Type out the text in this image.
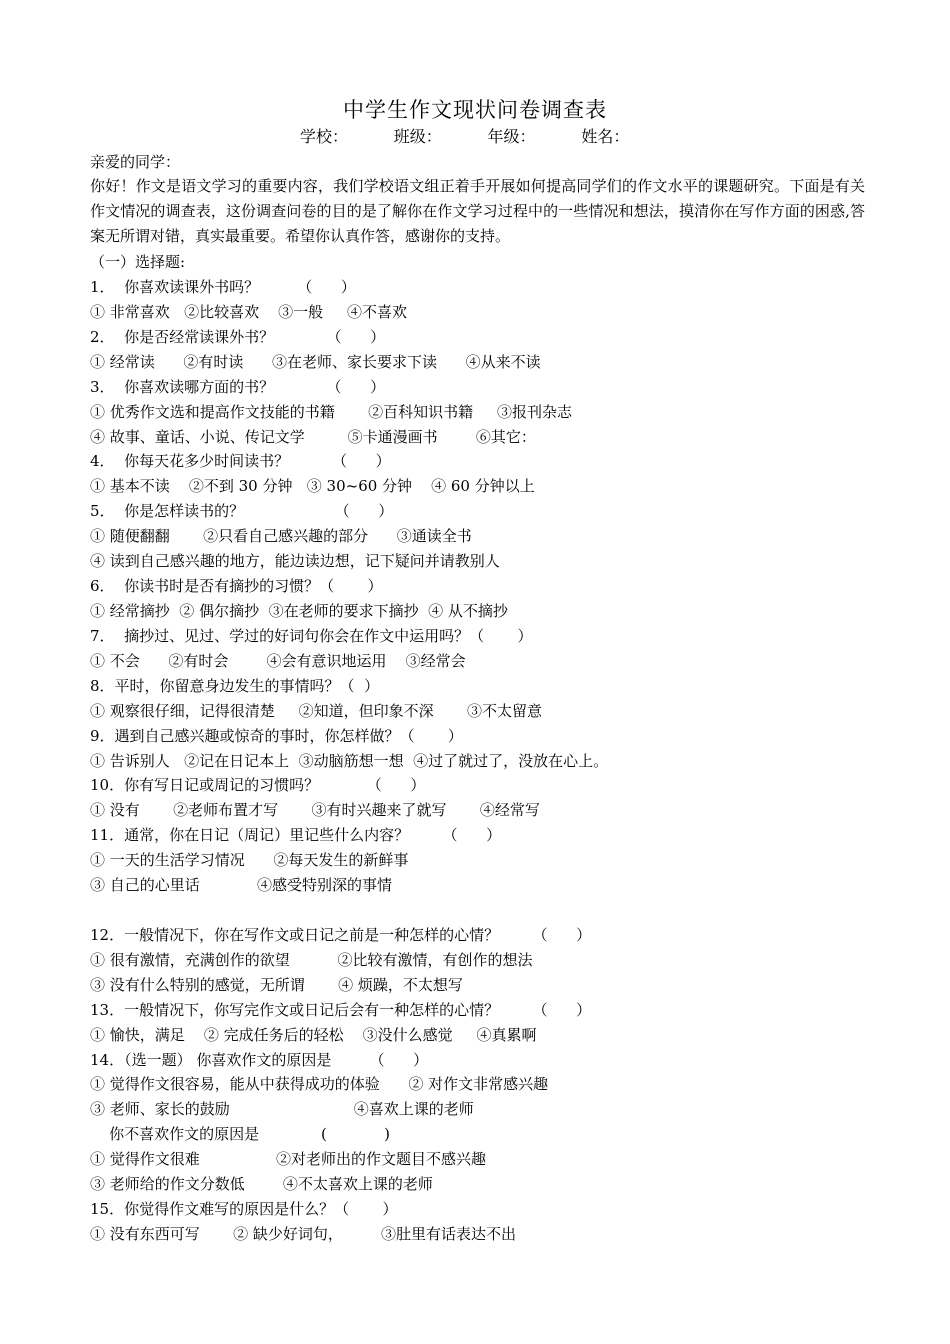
中学生作文现状问卷调查表
学校：         班级：         年级：         姓名：
亲爱的同学：
你好！作文是语文学习的重要内容，我们学校语文组正着手开展如何提高同学们的作文水平的课题研究。下面是有关作文情况的调查表，这份调查问卷的目的是了解你在作文学习过程中的一些情况和想法，摸清你在写作方面的困惑,答案无所谓对错，真实最重要。希望你认真作答，感谢你的支持。
（一）选择题:
1．  你喜欢读课外书吗？        （      ）
① 非常喜欢   ②比较喜欢    ③一般     ④不喜欢
2．  你是否经常读课外书？           （      ）
① 经常读      ②有时读      ③在老师、家长要求下读      ④从来不读
3．  你喜欢读哪方面的书？           （      ）
① 优秀作文选和提高作文技能的书籍       ②百科知识书籍     ③报刊杂志
④ 故事、童话、小说、传记文学         ⑤卡通漫画书        ⑥其它：
4．  你每天花多少时间读书？         （      ）
① 基本不读    ②不到 30 分钟   ③ 30~60 分钟    ④ 60 分钟以上
5．  你是怎样读书的？                   （      ）
① 随便翻翻       ②只看自己感兴趣的部分      ③通读全书
④ 读到自己感兴趣的地方，能边读边想，记下疑问并请教别人
6．  你读书时是否有摘抄的习惯？（       ）
① 经常摘抄  ② 偶尔摘抄  ③在老师的要求下摘抄  ④ 从不摘抄
7．  摘抄过、见过、学过的好词句你会在作文中运用吗？（       ）
① 不会      ②有时会        ④会有意识地运用    ③经常会
8．平时，你留意身边发生的事情吗？（  ）
① 观察很仔细，记得很清楚     ②知道，但印象不深       ③不太留意
9．遇到自己感兴趣或惊奇的事时，你怎样做？（       ）
① 告诉别人   ②记在日记本上  ③动脑筋想一想  ④过了就过了，没放在心上。
10．你有写日记或周记的习惯吗？          （      ）
① 没有       ②老师布置才写       ③有时兴趣来了就写       ④经常写
11．通常，你在日记（周记）里记些什么内容？       （      ）
① 一天的生活学习情况      ②每天发生的新鲜事
③ 自己的心里话            ④感受特别深的事情
12．一般情况下，你在写作文或日记之前是一种怎样的心情？       （      ）
① 很有激情，充满创作的欲望          ②比较有激情，有创作的想法
③ 没有什么特别的感觉，无所谓       ④ 烦躁，不太想写
13．一般情况下，你写完作文或日记后会有一种怎样的心情？       （      ）
① 愉快，满足    ② 完成任务后的轻松    ③没什么感觉     ④真累啊
14．（选一题） 你喜欢作文的原因是        （      ）
① 觉得作文很容易，能从中获得成功的体验      ② 对作文非常感兴趣
③ 老师、家长的鼓励                          ④喜欢上课的老师
你不喜欢作文的原因是             (            )
① 觉得作文很难                ②对老师出的作文题目不感兴趣
③ 老师给的作文分数低        ④不太喜欢上课的老师
15．你觉得作文难写的原因是什么？（       ）
① 没有东西可写       ② 缺少好词句，        ③肚里有话表达不出
